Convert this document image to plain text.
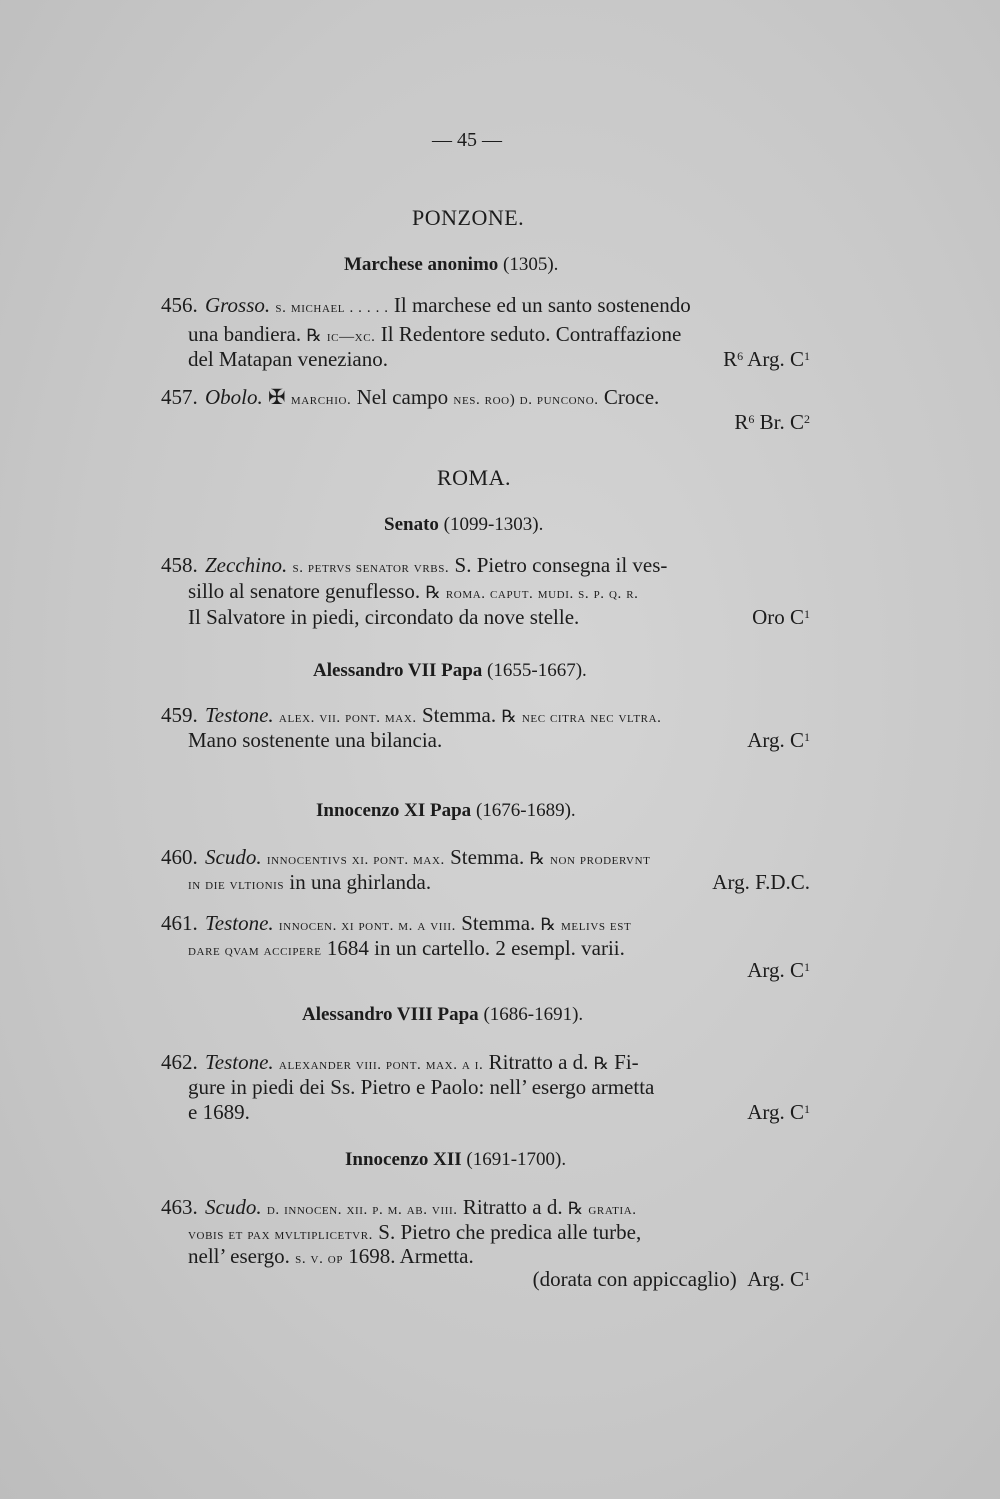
— 45 —
PONZONE.
Marchese anonimo (1305).
456. Grosso. s. michael . . . . . Il marchese ed un santo sostenendo
una bandiera. ℞ ic—xc. Il Redentore seduto. Contraffazione
del Matapan veneziano.	$R^6$ Arg. $C^1$
457. Obolo. ✠ marchio. Nel campo nes. roo) d. puncono. Croce.
$R^6$ Br. $C^2$
ROMA.
Senato (1099-1303).
458. Zecchino. s. petrvs senator vrbs. S. Pietro consegna il ves-
sillo al senatore genuflesso. ℞ roma. caput. mudi. s. p. q. r.
Il Salvatore in piedi, circondato da nove stelle.	Oro $C^1$
Alessandro VII Papa (1655-1667).
459. Testone. alex. vii. pont. max. Stemma. ℞ nec citra nec vltra.
Mano sostenente una bilancia.	Arg. $C^1$
Innocenzo XI Papa (1676-1689).
460. Scudo. innocentivs xi. pont. max. Stemma. ℞ non prodervnt
in die vltionis in una ghirlanda.	Arg. F.D.C.
461. Testone. innocen. xi pont. m. a viii. Stemma. ℞ melivs est
dare qvam accipere 1684 in un cartello. 2 esempl. varii.
Arg. $C^1$
Alessandro VIII Papa (1686-1691).
462. Testone. alexander viii. pont. max. a i. Ritratto a d. ℞ Fi-
gure in piedi dei Ss. Pietro e Paolo: nell’ esergo armetta
e 1689.	Arg. $C^1$
Innocenzo XII (1691-1700).
463. Scudo. d. innocen. xii. p. m. ab. viii. Ritratto a d. ℞ gratia.
vobis et pax mvltiplicetvr. S. Pietro che predica alle turbe,
nell’ esergo. s. v. op 1698. Armetta.
(dorata con appiccaglio) Arg. $C^1$
